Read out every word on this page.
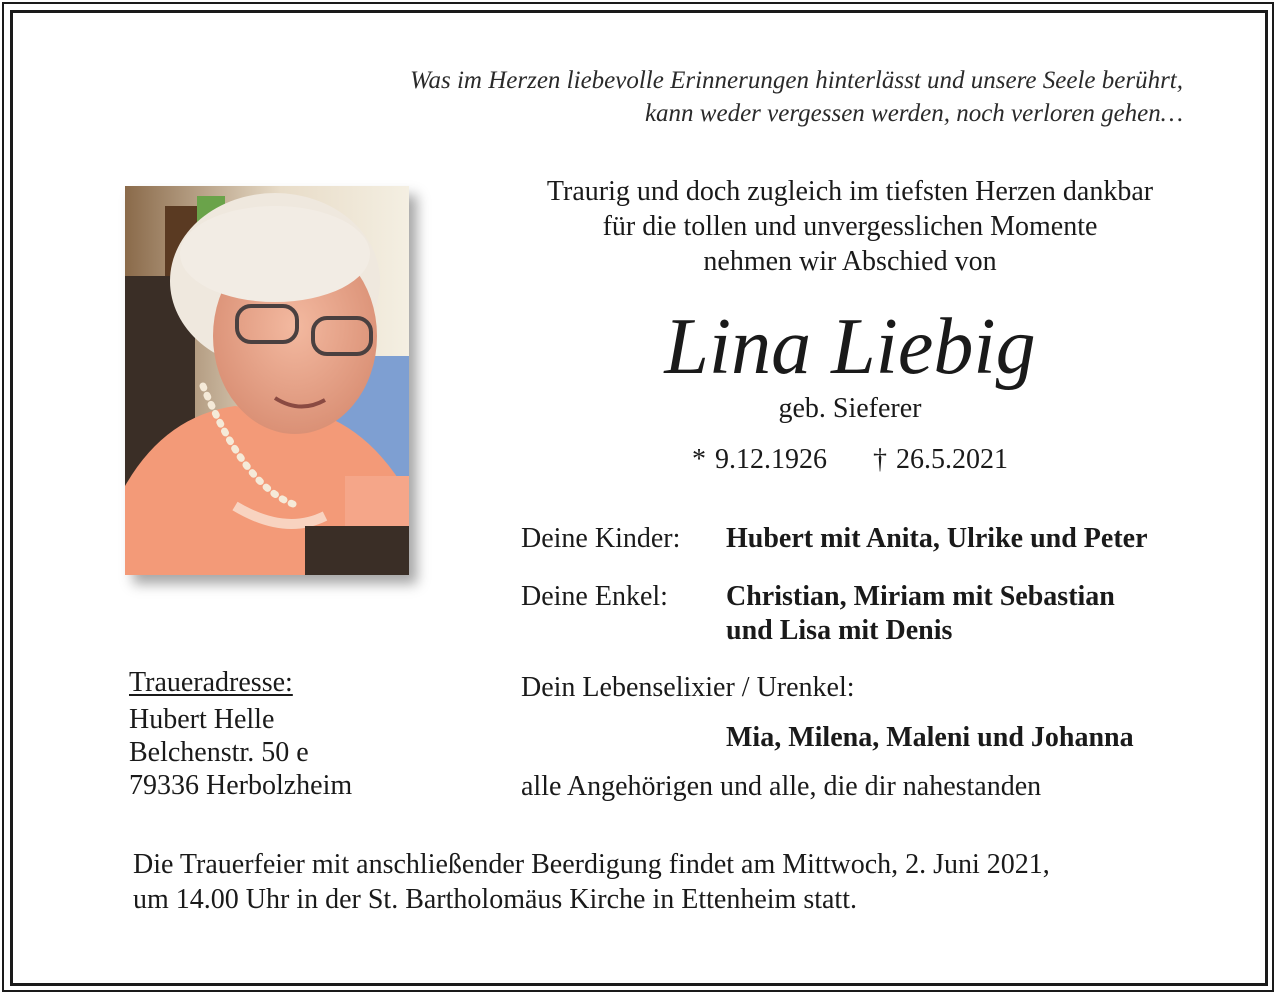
Was im Herzen liebevolle Erinnerungen hinterlässt und unsere Seele berührt,
kann weder vergessen werden, noch verloren gehen…
Traurig und doch zugleich im tiefsten Herzen dankbar
für die tollen und unvergesslichen Momente
nehmen wir Abschied von
Lina Liebig
geb. Sieferer
* 9.12.1926 † 26.5.2021
Deine Kinder: Hubert mit Anita, Ulrike und Peter
Deine Enkel: Christian, Miriam mit Sebastian
und Lisa mit Denis
Dein Lebenselixier / Urenkel:
Mia, Milena, Maleni und Johanna
alle Angehörigen und alle, die dir nahestanden
Traueradresse:
Hubert Helle
Belchenstr. 50 e
79336 Herbolzheim
Die Trauerfeier mit anschließender Beerdigung findet am Mittwoch, 2. Juni 2021,
um 14.00 Uhr in der St. Bartholomäus Kirche in Ettenheim statt.
